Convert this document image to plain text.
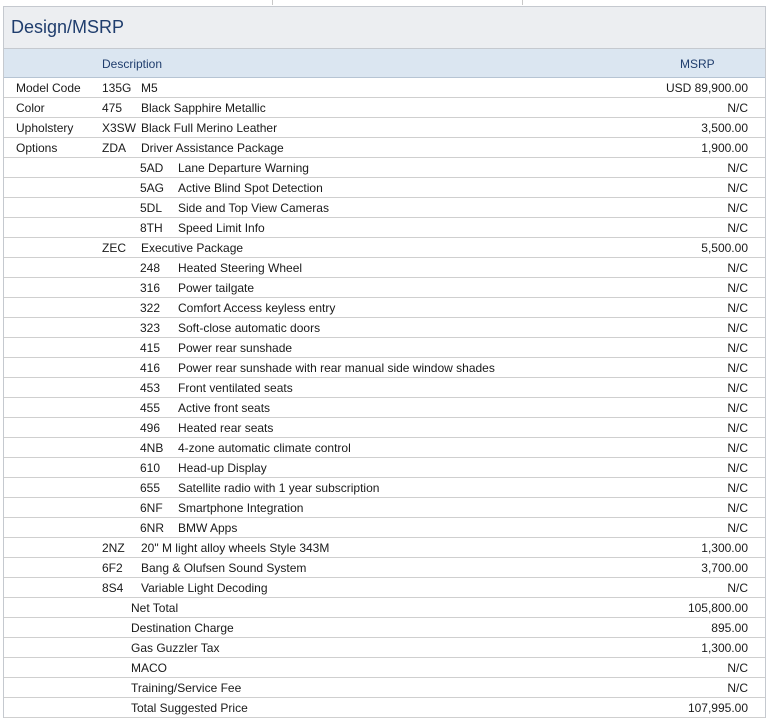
Design/MSRP
Description	MSRP
Model Code 135G M5	USD 89,900.00
Color	475 Black Sapphire Metallic	N/C
Upholstery X3SW Black Full Merino Leather	3,500.00
Options	ZDA Driver Assistance Package	1,900.00
5AD Lane Departure Warning	N/C
5AG Active Blind Spot Detection	N/C
5DL Side and Top View Cameras	N/C
8TH Speed Limit Info	N/C
ZEC Executive Package	5,500.00
248 Heated Steering Wheel	N/C
316 Power tailgate	N/C
322 Comfort Access keyless entry	N/C
323 Soft-close automatic doors	N/C
415 Power rear sunshade	N/C
416 Power rear sunshade with rear manual side window shades	N/C
453 Front ventilated seats	N/C
455 Active front seats	N/C
496 Heated rear seats	N/C
4NB 4-zone automatic climate control	N/C
610 Head-up Display	N/C
655 Satellite radio with 1 year subscription	N/C
6NF Smartphone Integration	N/C
6NR BMW Apps	N/C
2NZ 20" M light alloy wheels Style 343M	1,300.00
6F2 Bang & Olufsen Sound System	3,700.00
8S4 Variable Light Decoding	N/C
Net Total	105,800.00
Destination Charge	895.00
Gas Guzzler Tax	1,300.00
MACO	N/C
Training/Service Fee	N/C
Total Suggested Price	107,995.00
